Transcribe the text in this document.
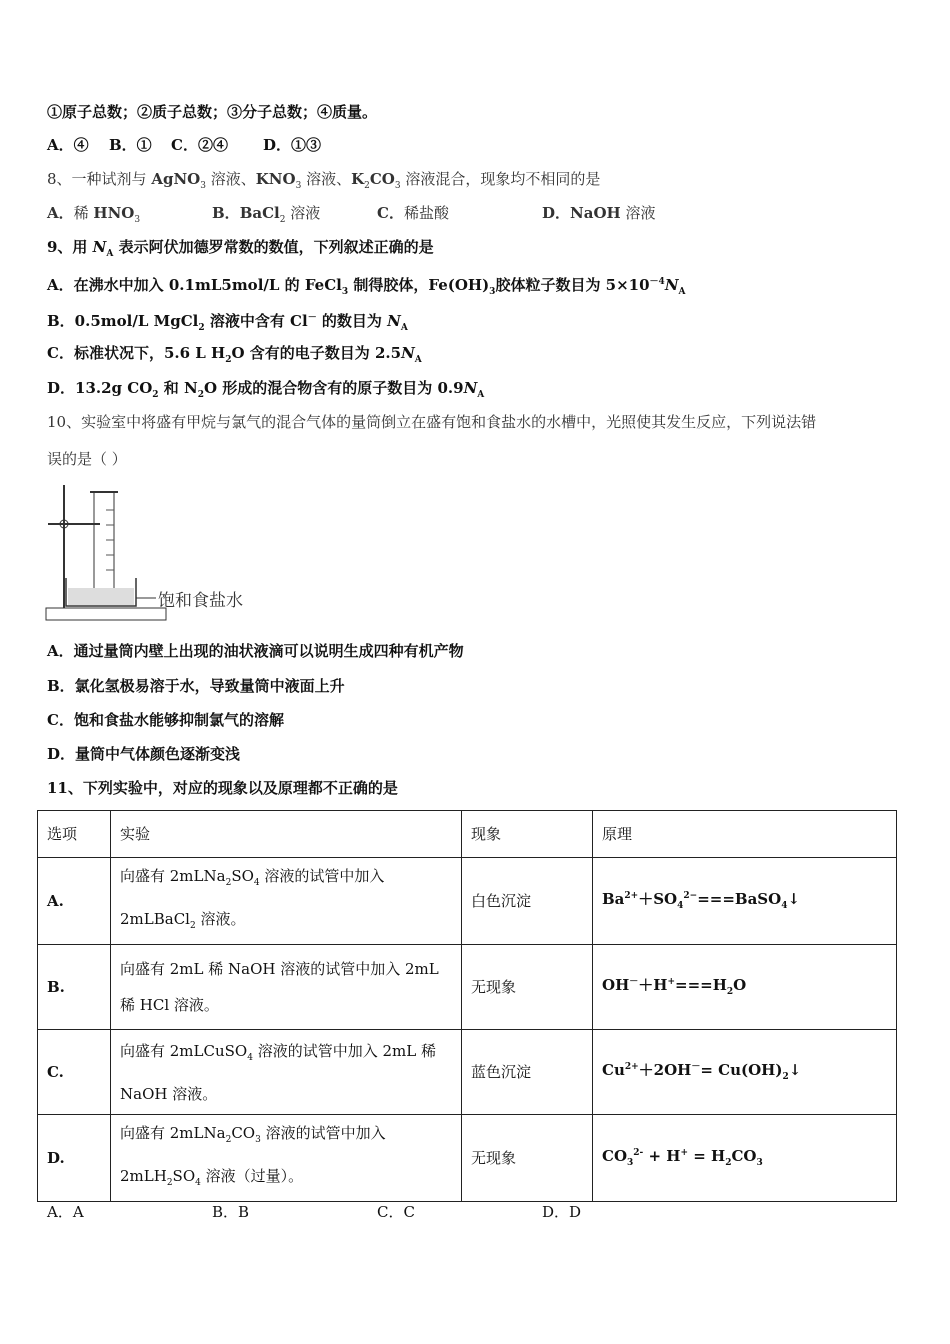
①原子总数；②质子总数；③分子总数；④质量。
A．④ B．① C．②④ D．①③
8、一种试剂与 AgNO$_3$ 溶液、$KNO_3$ 溶液、$K_2CO_3$ 溶液混合，现象均不相同的是
A．稀 $HNO_3$	B．BaCl$_2$ 溶液	C．稀盐酸	D．NaOH 溶液
9、用 $N_A$ 表示阿伏加德罗常数的数值，下列叙述正确的是
A．在沸水中加入 0.1mL5mol/L 的 FeCl$_3$ 制得胶体，$Fe(OH)_3$胶体粒子数目为 $5\times 10^{-4}N_A$
B．0.5mol/L MgCl$_2$ 溶液中含有 Cl－ 的数目为 $N_A$
C．标准状况下，5.6 L $H_2O$ 含有的电子数目为 $2.5N_A$
D．13.2g $CO_2$ 和 $N_2O$ 形成的混合物含有的原子数目为 $0.9N_A$
10、实验室中将盛有甲烷与氯气的混合气体的量筒倒立在盛有饱和食盐水的水槽中，光照使其发生反应，下列说法错
误的是（ ）
A．通过量筒内壁上出现的油状液滴可以说明生成四种有机产物
B．氯化氢极易溶于水，导致量筒中液面上升
C．饱和食盐水能够抑制氯气的溶解
D．量筒中气体颜色逐渐变浅
11、下列实验中，对应的现象以及原理都不正确的是
饱和食盐水
选项	实验	现象	原理
A.	向盛有 $2mLNa_2SO_4$ 溶液的试管中加入 2mLBaCl$_2$ 溶液。	白色沉淀	$Ba^{2+}+SO_4^{2-}===BaSO_4↓$
B.	向盛有 2mL 稀 NaOH 溶液的试管中加入 2mL 稀 HCl 溶液。	无现象	$OH^-+H^+===H_2O$
C.	向盛有 2mLCuSO$_4$ 溶液的试管中加入 2mL 稀 NaOH 溶液。	蓝色沉淀	$Cu^{2+}+2OH^-=$ $Cu(OH)_2↓$
D.	向盛有 $2mLNa_2CO_3$ 溶液的试管中加入 $2mLH_2SO_4$ 溶液（过量）。	无现象	$CO_3^{2-} + H^+ = H_2CO_3$
A．A	B．B	C．C	D．D
